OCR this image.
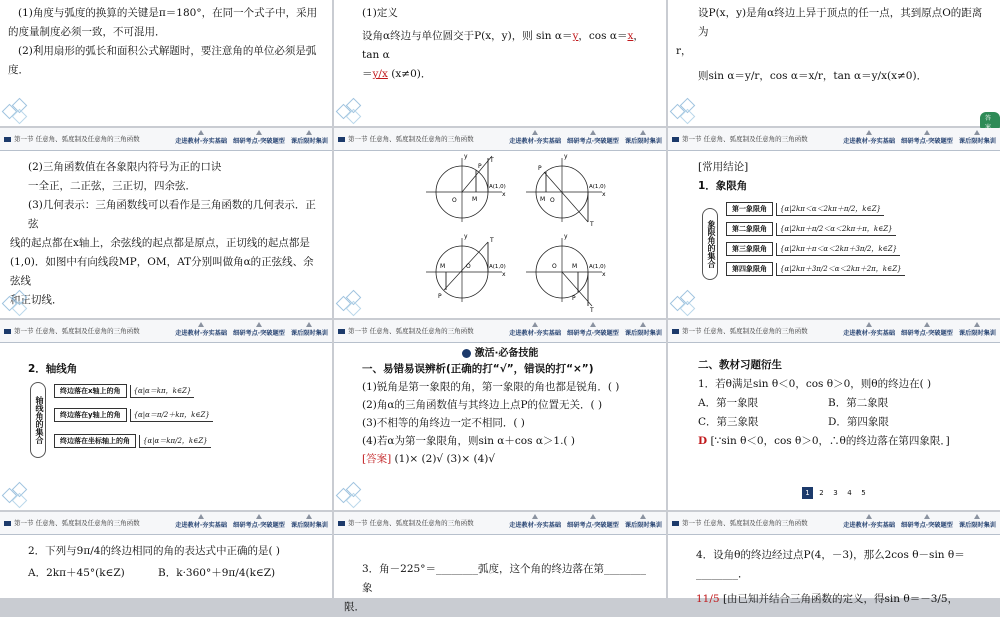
(1)角度与弧度的换算的关键是π＝180°，在同一个式子中，采用
的度量制度必须一致，不可混用．
(2)利用扇形的弧长和面积公式解题时，要注意角的单位必须是弧
度．
(1)定义
设角α终边与单位圆交于P(x，y)，则 sin α＝y，cos α＝x，tan α
＝y/x (x≠0)．
设P(x，y)是角α终边上异于顶点的任一点，其到原点O的距离为
r，
则sin α＝y/r，cos α＝x/r，tan α＝y/x(x≠0)．
答
第一节 任意角、弧度制及任意角的三角函数	走进教材·夯实基础 细研考点·突破题型 课后限时集训
(2)三角函数值在各象限内符号为正的口诀
一全正，二正弦，三正切，四余弦．
(3)几何表示：三角函数线可以看作是三角函数的几何表示．正弦
线的起点都在x轴上，余弦线的起点都是原点，正切线的起点都是
(1,0)．如图中有向线段MP，OM，AT分别叫做角α的正弦线、余弦线
和正切线．
第一节 任意角、弧度制及任意角的三角函数	走进教材·夯实基础 细研考点·突破题型 课后限时集训
O	M
A(1,0)
P
T
x
y
O
M
A(1,0)
P
T
x
y
O
M	A(1,0)
P
T
x
y
O	M A(1,0)
P
T
x
y
第一节 任意角、弧度制及任意角的三角函数	走进教材·夯实基础 细研考点·突破题型 课后限时集训
[常用结论]
1．象限角
象限角的集合
第一象限角 {α|2kπ＜α＜2kπ＋π/2，k∈Z}
第二象限角 {α|2kπ＋π/2＜α＜2kπ＋π，k∈Z}
第三象限角 {α|2kπ＋π＜α＜2kπ＋3π/2，k∈Z}
第四象限角 {α|2kπ＋3π/2＜α＜2kπ＋2π，k∈Z}
第一节 任意角、弧度制及任意角的三角函数	走进教材·夯实基础 细研考点·突破题型 课后限时集训
2．轴线角
轴线角的集合
终边落在x轴上的角 {α|α＝kπ，k∈Z}
终边落在y轴上的角 {α|α＝π/2＋kπ，k∈Z}
终边落在坐标轴上的角 {α|α＝kπ/2，k∈Z}
第一节 任意角、弧度制及任意角的三角函数	走进教材·夯实基础 细研考点·突破题型 课后限时集训
激活·必备技能
一、易错易误辨析(正确的打“√”，错误的打“×”)
(1)锐角是第一象限的角，第一象限的角也都是锐角．( )
(2)角α的三角函数值与其终边上点P的位置无关．( )
(3)不相等的角终边一定不相同．( )
(4)若α为第一象限角，则sin α＋cos α＞1.( )
[答案] (1)× (2)√ (3)× (4)√
第一节 任意角、弧度制及任意角的三角函数	走进教材·夯实基础 细研考点·突破题型 课后限时集训
二、教材习题衍生
1．若θ满足sin θ＜0，cos θ＞0，则θ的终边在( )
A．第一象限	B．第二象限
C．第三象限	D．第四象限
D [∵sin θ＜0，cos θ＞0，∴θ的终边落在第四象限．]
1 2 3 4 5
第一节 任意角、弧度制及任意角的三角函数	走进教材·夯实基础 细研考点·突破题型 课后限时集训
2．下列与9π/4的终边相同的角的表达式中正确的是( )
A．2kπ＋45°(k∈Z)	B．k·360°＋9π/4(k∈Z)
第一节 任意角、弧度制及任意角的三角函数	走进教材·夯实基础 细研考点·突破题型 课后限时集训
3．角－225°＝________弧度，这个角的终边落在第________象
限．
第一节 任意角、弧度制及任意角的三角函数	走进教材·夯实基础 细研考点·突破题型 课后限时集训
4．设角θ的终边经过点P(4，－3)，那么2cos θ－sin θ＝________．
11/5 [由已知并结合三角函数的定义，得sin θ＝－3/5，
